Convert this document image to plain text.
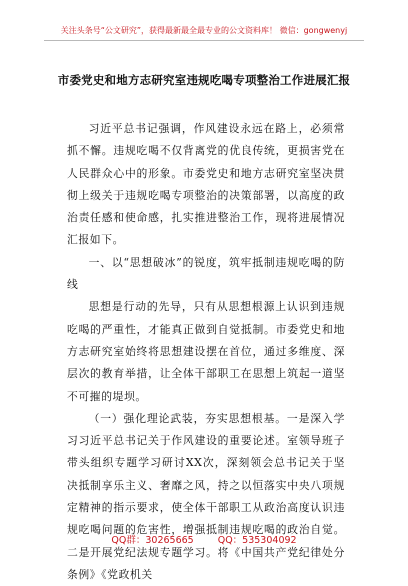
关注头条号“公文研究”，获得最新最全最专业的公文资料库！ 微信：gongwenyj
市委党史和地方志研究室违规吃喝专项整治工作进展汇报

习近平总书记强调，作风建设永远在路上，必须常抓不懈。违规吃喝不仅背离党的优良传统，更损害党在人民群众心中的形象。市委党史和地方志研究室坚决贯彻上级关于违规吃喝专项整治的决策部署，以高度的政治责任感和使命感，扎实推进整治工作，现将进展情况汇报如下。

一、以“思想破冰”的锐度，筑牢抵制违规吃喝的防线

思想是行动的先导，只有从思想根源上认识到违规吃喝的严重性，才能真正做到自觉抵制。市委党史和地方志研究室始终将思想建设摆在首位，通过多维度、深层次的教育举措，让全体干部职工在思想上筑起一道坚不可摧的堤坝。

（一）强化理论武装，夯实思想根基。一是深入学习习近平总书记关于作风建设的重要论述。室领导班子带头组织专题学习研讨XX次，深刻领会总书记关于坚决抵制享乐主义、奢靡之风，持之以恒落实中央八项规定精神的指示要求，使全体干部职工从政治高度认识违规吃喝问题的危害性，增强抵制违规吃喝的政治自觉。二是开展党纪法规专题学习。将《中国共产党纪律处分条例》《党政机关

QQ群：30265665	QQ：535304092
